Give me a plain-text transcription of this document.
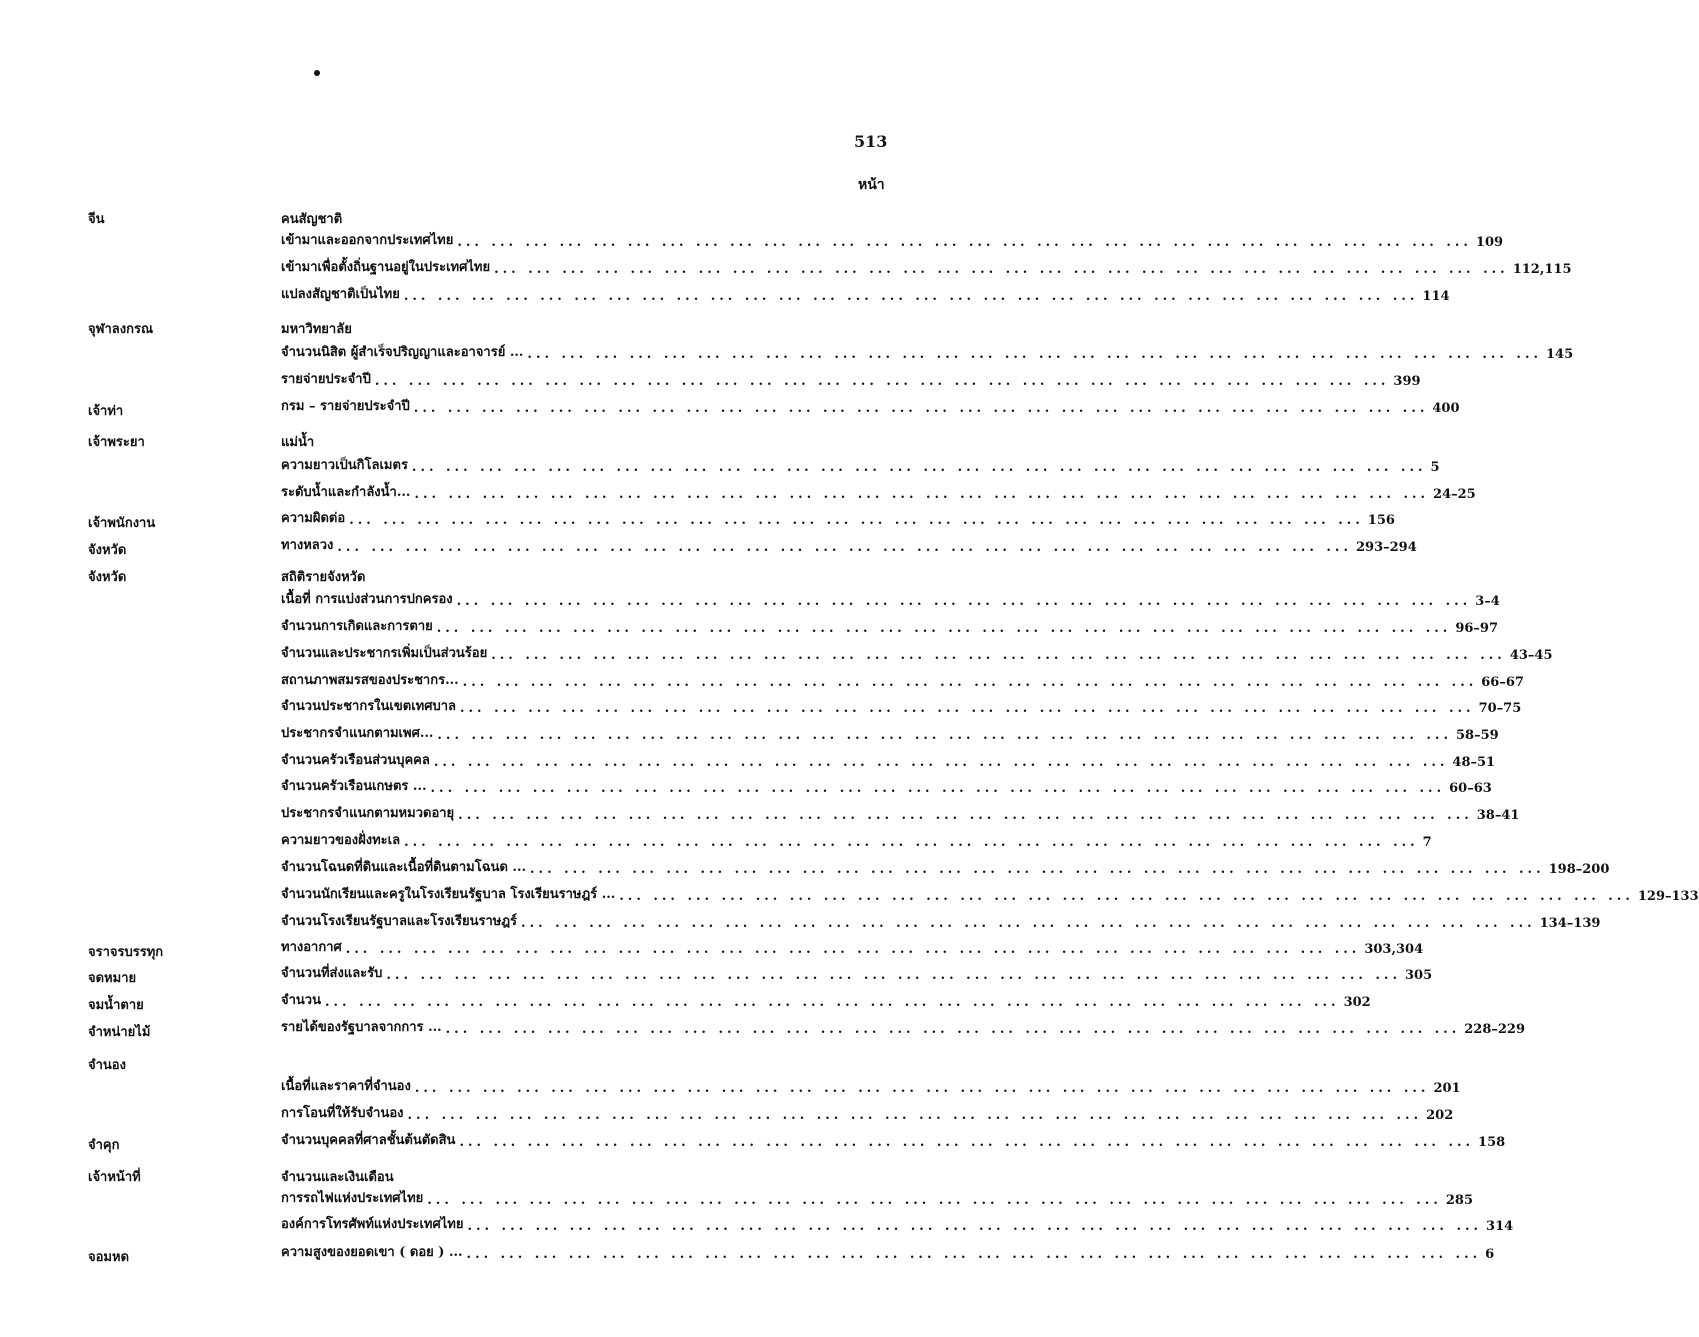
513
หน้า
จีน	คนสัญชาติ
เข้ามาและออกจากประเทศไทย ... ... ... ... ... ... ... ... ... ... ... ... ... ... ... ... ... ... ... ... ... ... ... ... ... ... ... ... ... ... 109
เข้ามาเพื่อตั้งถิ่นฐานอยู่ในประเทศไทย ... ... ... ... ... ... ... ... ... ... ... ... ... ... ... ... ... ... ... ... ... ... ... ... ... ... ... ... ... ... 112,115
แปลงสัญชาติเป็นไทย ... ... ... ... ... ... ... ... ... ... ... ... ... ... ... ... ... ... ... ... ... ... ... ... ... ... ... ... ... ... 114
จุฬาลงกรณ	มหาวิทยาลัย
จำนวนนิสิต ผู้สำเร็จปริญญาและอาจารย์ ... ... ... ... ... ... ... ... ... ... ... ... ... ... ... ... ... ... ... ... ... ... ... ... ... ... ... ... ... ... ... 145
รายจ่ายประจำปี ... ... ... ... ... ... ... ... ... ... ... ... ... ... ... ... ... ... ... ... ... ... ... ... ... ... ... ... ... ... 399
เจ้าท่า	กรม – รายจ่ายประจำปี ... ... ... ... ... ... ... ... ... ... ... ... ... ... ... ... ... ... ... ... ... ... ... ... ... ... ... ... ... ... 400
เจ้าพระยา	แม่น้ำ
ความยาวเป็นกิโลเมตร ... ... ... ... ... ... ... ... ... ... ... ... ... ... ... ... ... ... ... ... ... ... ... ... ... ... ... ... ... ... 5
ระดับน้ำและกำลังน้ำ... ... ... ... ... ... ... ... ... ... ... ... ... ... ... ... ... ... ... ... ... ... ... ... ... ... ... ... ... ... ... 24–25
เจ้าพนักงาน	ความผิดต่อ ... ... ... ... ... ... ... ... ... ... ... ... ... ... ... ... ... ... ... ... ... ... ... ... ... ... ... ... ... ... 156
จังหวัด	ทางหลวง ... ... ... ... ... ... ... ... ... ... ... ... ... ... ... ... ... ... ... ... ... ... ... ... ... ... ... ... ... ... 293–294
จังหวัด	สถิติรายจังหวัด
เนื้อที่ การแบ่งส่วนการปกครอง ... ... ... ... ... ... ... ... ... ... ... ... ... ... ... ... ... ... ... ... ... ... ... ... ... ... ... ... ... ... 3–4
จำนวนการเกิดและการตาย ... ... ... ... ... ... ... ... ... ... ... ... ... ... ... ... ... ... ... ... ... ... ... ... ... ... ... ... ... ... 96–97
จำนวนและประชากรเพิ่มเป็นส่วนร้อย ... ... ... ... ... ... ... ... ... ... ... ... ... ... ... ... ... ... ... ... ... ... ... ... ... ... ... ... ... ... 43–45
สถานภาพสมรสของประชากร... ... ... ... ... ... ... ... ... ... ... ... ... ... ... ... ... ... ... ... ... ... ... ... ... ... ... ... ... ... ... 66–67
จำนวนประชากรในเขตเทศบาล ... ... ... ... ... ... ... ... ... ... ... ... ... ... ... ... ... ... ... ... ... ... ... ... ... ... ... ... ... ... 70–75
ประชากรจำแนกตามเพศ... ... ... ... ... ... ... ... ... ... ... ... ... ... ... ... ... ... ... ... ... ... ... ... ... ... ... ... ... ... ... 58–59
จำนวนครัวเรือนส่วนบุคคล ... ... ... ... ... ... ... ... ... ... ... ... ... ... ... ... ... ... ... ... ... ... ... ... ... ... ... ... ... ... 48–51
จำนวนครัวเรือนเกษตร ... ... ... ... ... ... ... ... ... ... ... ... ... ... ... ... ... ... ... ... ... ... ... ... ... ... ... ... ... ... ... 60–63
ประชากรจำแนกตามหมวดอายุ ... ... ... ... ... ... ... ... ... ... ... ... ... ... ... ... ... ... ... ... ... ... ... ... ... ... ... ... ... ... 38–41
ความยาวของฝั่งทะเล ... ... ... ... ... ... ... ... ... ... ... ... ... ... ... ... ... ... ... ... ... ... ... ... ... ... ... ... ... ... 7
จำนวนโฉนดที่ดินและเนื้อที่ดินตามโฉนด ... ... ... ... ... ... ... ... ... ... ... ... ... ... ... ... ... ... ... ... ... ... ... ... ... ... ... ... ... ... ... 198–200
จำนวนนักเรียนและครูในโรงเรียนรัฐบาล โรงเรียนราษฎร์ ... ... ... ... ... ... ... ... ... ... ... ... ... ... ... ... ... ... ... ... ... ... ... ... ... ... ... ... ... ... ... 129–133
จำนวนโรงเรียนรัฐบาลและโรงเรียนราษฎร์ ... ... ... ... ... ... ... ... ... ... ... ... ... ... ... ... ... ... ... ... ... ... ... ... ... ... ... ... ... ... 134–139
จราจรบรรทุก	ทางอากาศ ... ... ... ... ... ... ... ... ... ... ... ... ... ... ... ... ... ... ... ... ... ... ... ... ... ... ... ... ... ... 303,304
จดหมาย	จำนวนที่ส่งและรับ ... ... ... ... ... ... ... ... ... ... ... ... ... ... ... ... ... ... ... ... ... ... ... ... ... ... ... ... ... ... 305
จมน้ำตาย	จำนวน ... ... ... ... ... ... ... ... ... ... ... ... ... ... ... ... ... ... ... ... ... ... ... ... ... ... ... ... ... ... 302
จำหน่ายไม้	รายได้ของรัฐบาลจากการ ... ... ... ... ... ... ... ... ... ... ... ... ... ... ... ... ... ... ... ... ... ... ... ... ... ... ... ... ... ... ... 228–229
จำนอง
เนื้อที่และราคาที่จำนอง ... ... ... ... ... ... ... ... ... ... ... ... ... ... ... ... ... ... ... ... ... ... ... ... ... ... ... ... ... ... 201
การโอนที่ให้รับจำนอง ... ... ... ... ... ... ... ... ... ... ... ... ... ... ... ... ... ... ... ... ... ... ... ... ... ... ... ... ... ... 202
จำคุก	จำนวนบุคคลที่ศาลชั้นต้นตัดสิน ... ... ... ... ... ... ... ... ... ... ... ... ... ... ... ... ... ... ... ... ... ... ... ... ... ... ... ... ... ... 158
เจ้าหน้าที่	จำนวนและเงินเดือน
การรถไฟแห่งประเทศไทย ... ... ... ... ... ... ... ... ... ... ... ... ... ... ... ... ... ... ... ... ... ... ... ... ... ... ... ... ... ... 285
องค์การโทรศัพท์แห่งประเทศไทย ... ... ... ... ... ... ... ... ... ... ... ... ... ... ... ... ... ... ... ... ... ... ... ... ... ... ... ... ... ... 314
จอมหด	ความสูงของยอดเขา ( ดอย ) ... ... ... ... ... ... ... ... ... ... ... ... ... ... ... ... ... ... ... ... ... ... ... ... ... ... ... ... ... ... ... 6
